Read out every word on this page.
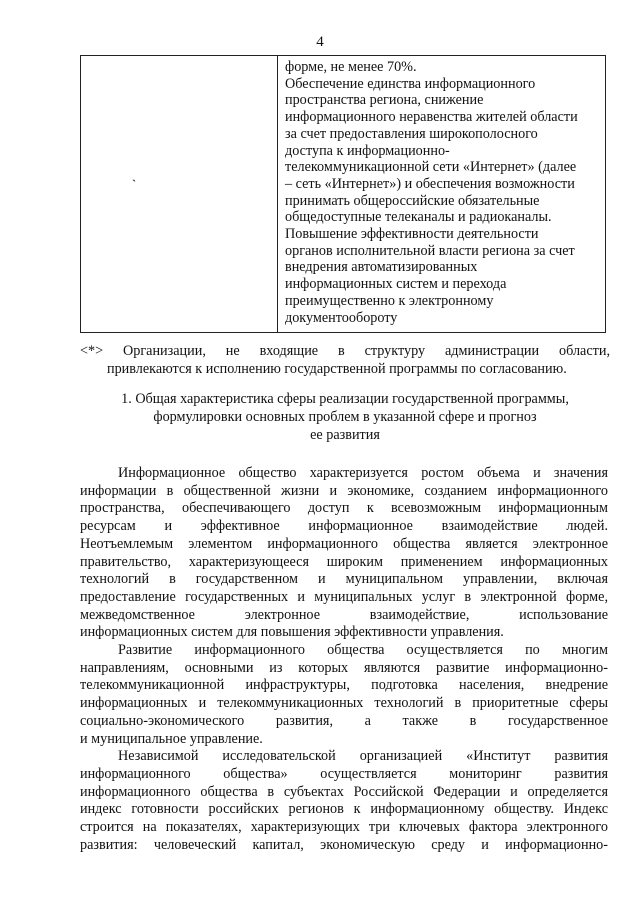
4
ˎ
форме, не менее 70%.
Обеспечение единства информационного
пространства региона, снижение
информационного неравенства жителей области
за счет предоставления широкополосного
доступа к информационно-
телекоммуникационной сети «Интернет» (далее
– сеть «Интернет») и обеспечения возможности
принимать общероссийские обязательные
общедоступные телеканалы и радиоканалы.
Повышение эффективности деятельности
органов исполнительной власти региона за счет
внедрения автоматизированных
информационных систем и перехода
преимущественно к электронному
документообороту
<*> Организации, не входящие в структуру администрации области,
привлекаются к исполнению государственной программы по согласованию.
1. Общая характеристика сферы реализации государственной программы,
формулировки основных проблем в указанной сфере и прогноз
ее развития
Информационное общество характеризуется ростом объема и значения
информации в общественной жизни и экономике, созданием информационного
пространства, обеспечивающего доступ к всевозможным информационным
ресурсам и эффективное информационное взаимодействие людей.
Неотъемлемым элементом информационного общества является электронное
правительство, характеризующееся широким применением информационных
технологий в государственном и муниципальном управлении, включая
предоставление государственных и муниципальных услуг в электронной форме,
межведомственное электронное взаимодействие, использование
информационных систем для повышения эффективности управления.
Развитие информационного общества осуществляется по многим
направлениям, основными из которых являются развитие информационно-
телекоммуникационной инфраструктуры, подготовка населения, внедрение
информационных и телекоммуникационных технологий в приоритетные сферы
социально-экономического развития, а также в государственное
и муниципальное управление.
Независимой исследовательской организацией «Институт развития
информационного общества» осуществляется мониторинг развития
информационного общества в субъектах Российской Федерации и определяется
индекс готовности российских регионов к информационному обществу. Индекс
строится на показателях, характеризующих три ключевых фактора электронного
развития: человеческий капитал, экономическую среду и информационно-
